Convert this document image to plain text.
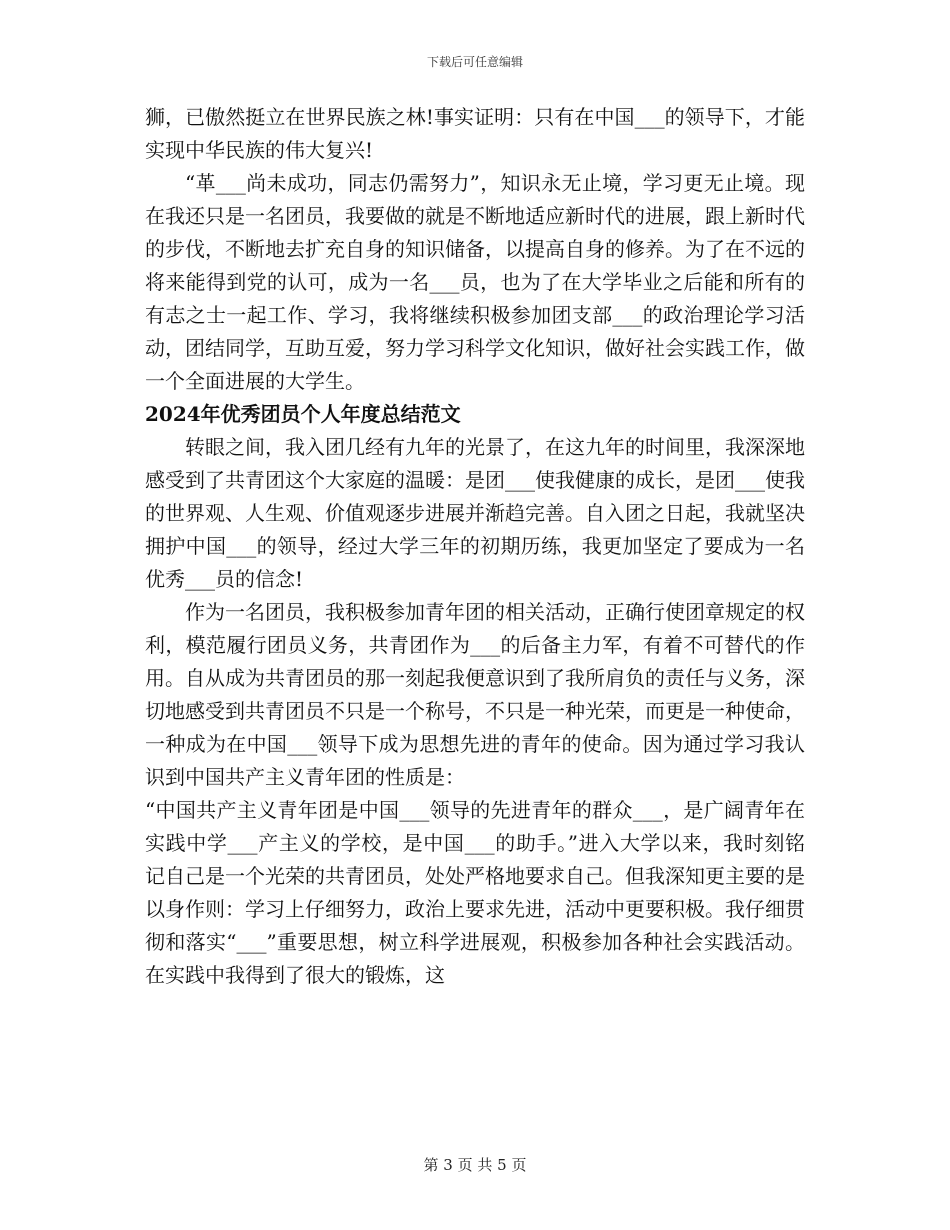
下载后可任意编辑

狮，已傲然挺立在世界民族之林!事实证明：只有在中国___的领导下，才能实现中华民族的伟大复兴!

“革___尚未成功，同志仍需努力”，知识永无止境，学习更无止境。现在我还只是一名团员，我要做的就是不断地适应新时代的进展，跟上新时代的步伐，不断地去扩充自身的知识储备，以提高自身的修养。为了在不远的将来能得到党的认可，成为一名___员，也为了在大学毕业之后能和所有的有志之士一起工作、学习，我将继续积极参加团支部___的政治理论学习活动，团结同学，互助互爱，努力学习科学文化知识，做好社会实践工作，做一个全面进展的大学生。

2024年优秀团员个人年度总结范文

转眼之间，我入团几经有九年的光景了，在这九年的时间里，我深深地感受到了共青团这个大家庭的温暖：是团___使我健康的成长，是团___使我的世界观、人生观、价值观逐步进展并渐趋完善。自入团之日起，我就坚决拥护中国___的领导，经过大学三年的初期历练，我更加坚定了要成为一名优秀___员的信念!

作为一名团员，我积极参加青年团的相关活动，正确行使团章规定的权利，模范履行团员义务，共青团作为___的后备主力军，有着不可替代的作用。自从成为共青团员的那一刻起我便意识到了我所肩负的责任与义务，深切地感受到共青团员不只是一个称号，不只是一种光荣，而更是一种使命，一种成为在中国___领导下成为思想先进的青年的使命。因为通过学习我认识到中国共产主义青年团的性质是：

“中国共产主义青年团是中国___领导的先进青年的群众___，是广阔青年在实践中学___产主义的学校，是中国___的助手。”进入大学以来，我时刻铭记自己是一个光荣的共青团员，处处严格地要求自己。但我深知更主要的是以身作则：学习上仔细努力，政治上要求先进，活动中更要积极。我仔细贯彻和落实“___”重要思想，树立科学进展观，积极参加各种社会实践活动。在实践中我得到了很大的锻炼，这

第 3 页 共 5 页
